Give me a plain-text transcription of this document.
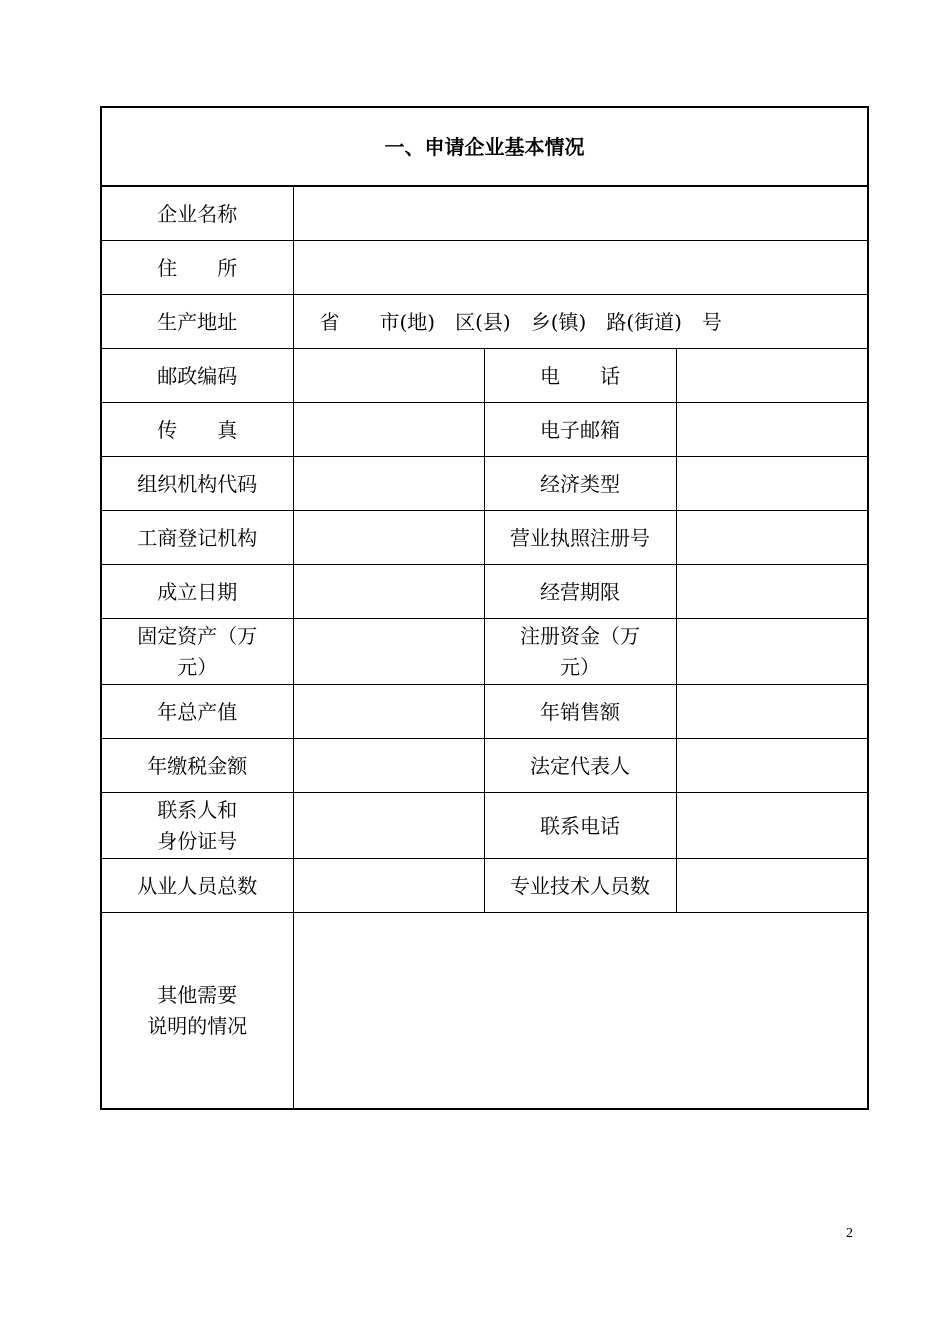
一、申请企业基本情况			
企业名称			
住　　所			
生产地址	省　　市(地)　区(县)　乡(镇)　路(街道)　号		
邮政编码		电　　话	
传　　真		电子邮箱	
组织机构代码		经济类型	
工商登记机构		营业执照注册号	
成立日期		经营期限	
固定资产（万
元）		注册资金（万
元）	
年总产值		年销售额	
年缴税金额		法定代表人	
联系人和
身份证号		联系电话	
从业人员总数		专业技术人员数	
其他需要
说明的情况			
2
